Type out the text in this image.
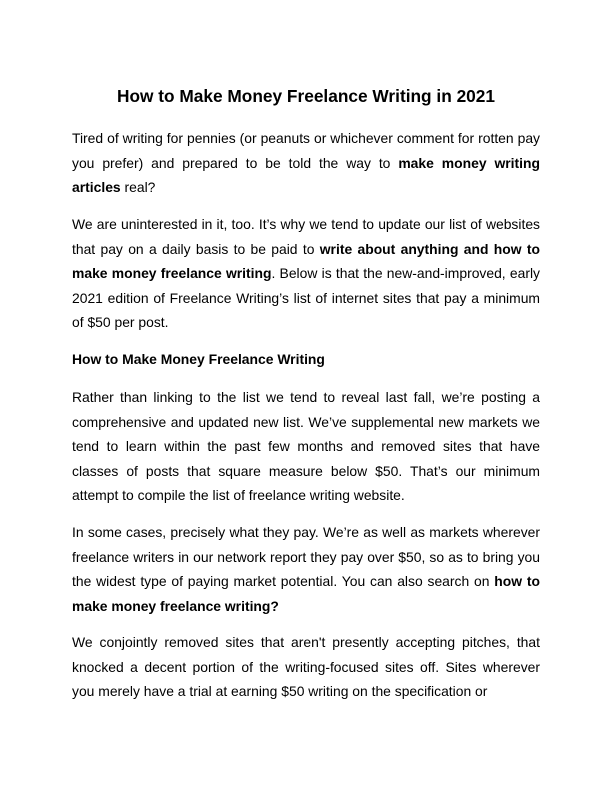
How to Make Money Freelance Writing in 2021

Tired of writing for pennies (or peanuts or whichever comment for rotten pay you prefer) and prepared to be told the way to make money writing articles real?

We are uninterested in it, too. It’s why we tend to update our list of websites that pay on a daily basis to be paid to write about anything and how to make money freelance writing. Below is that the new-and-improved, early 2021 edition of Freelance Writing’s list of internet sites that pay a minimum of $50 per post.

How to Make Money Freelance Writing

Rather than linking to the list we tend to reveal last fall, we’re posting a comprehensive and updated new list. We’ve supplemental new markets we tend to learn within the past few months and removed sites that have classes of posts that square measure below $50. That’s our minimum attempt to compile the list of freelance writing website.

In some cases, precisely what they pay. We’re as well as markets wherever freelance writers in our network report they pay over $50, so as to bring you the widest type of paying market potential. You can also search on how to make money freelance writing?

We conjointly removed sites that aren't presently accepting pitches, that knocked a decent portion of the writing-focused sites off. Sites wherever you merely have a trial at earning $50 writing on the specification or
